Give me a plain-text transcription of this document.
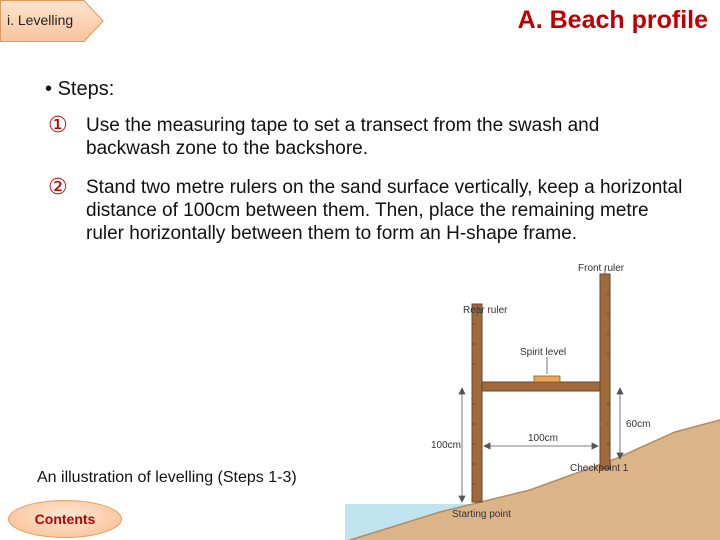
i. Levelling	A. Beach profile
• Steps:
① Use the measuring tape to set a transect from the swash and backwash zone to the backshore.
② Stand two metre rulers on the sand surface vertically, keep a horizontal distance of 100cm between them. Then, place the remaining metre ruler horizontally between them to form an H-shape frame.
Front ruler
Rear ruler
Spirit level
100cm
100cm
60cm
Checkpoint 1
Starting point
An illustration of levelling (Steps 1-3)
Contents
